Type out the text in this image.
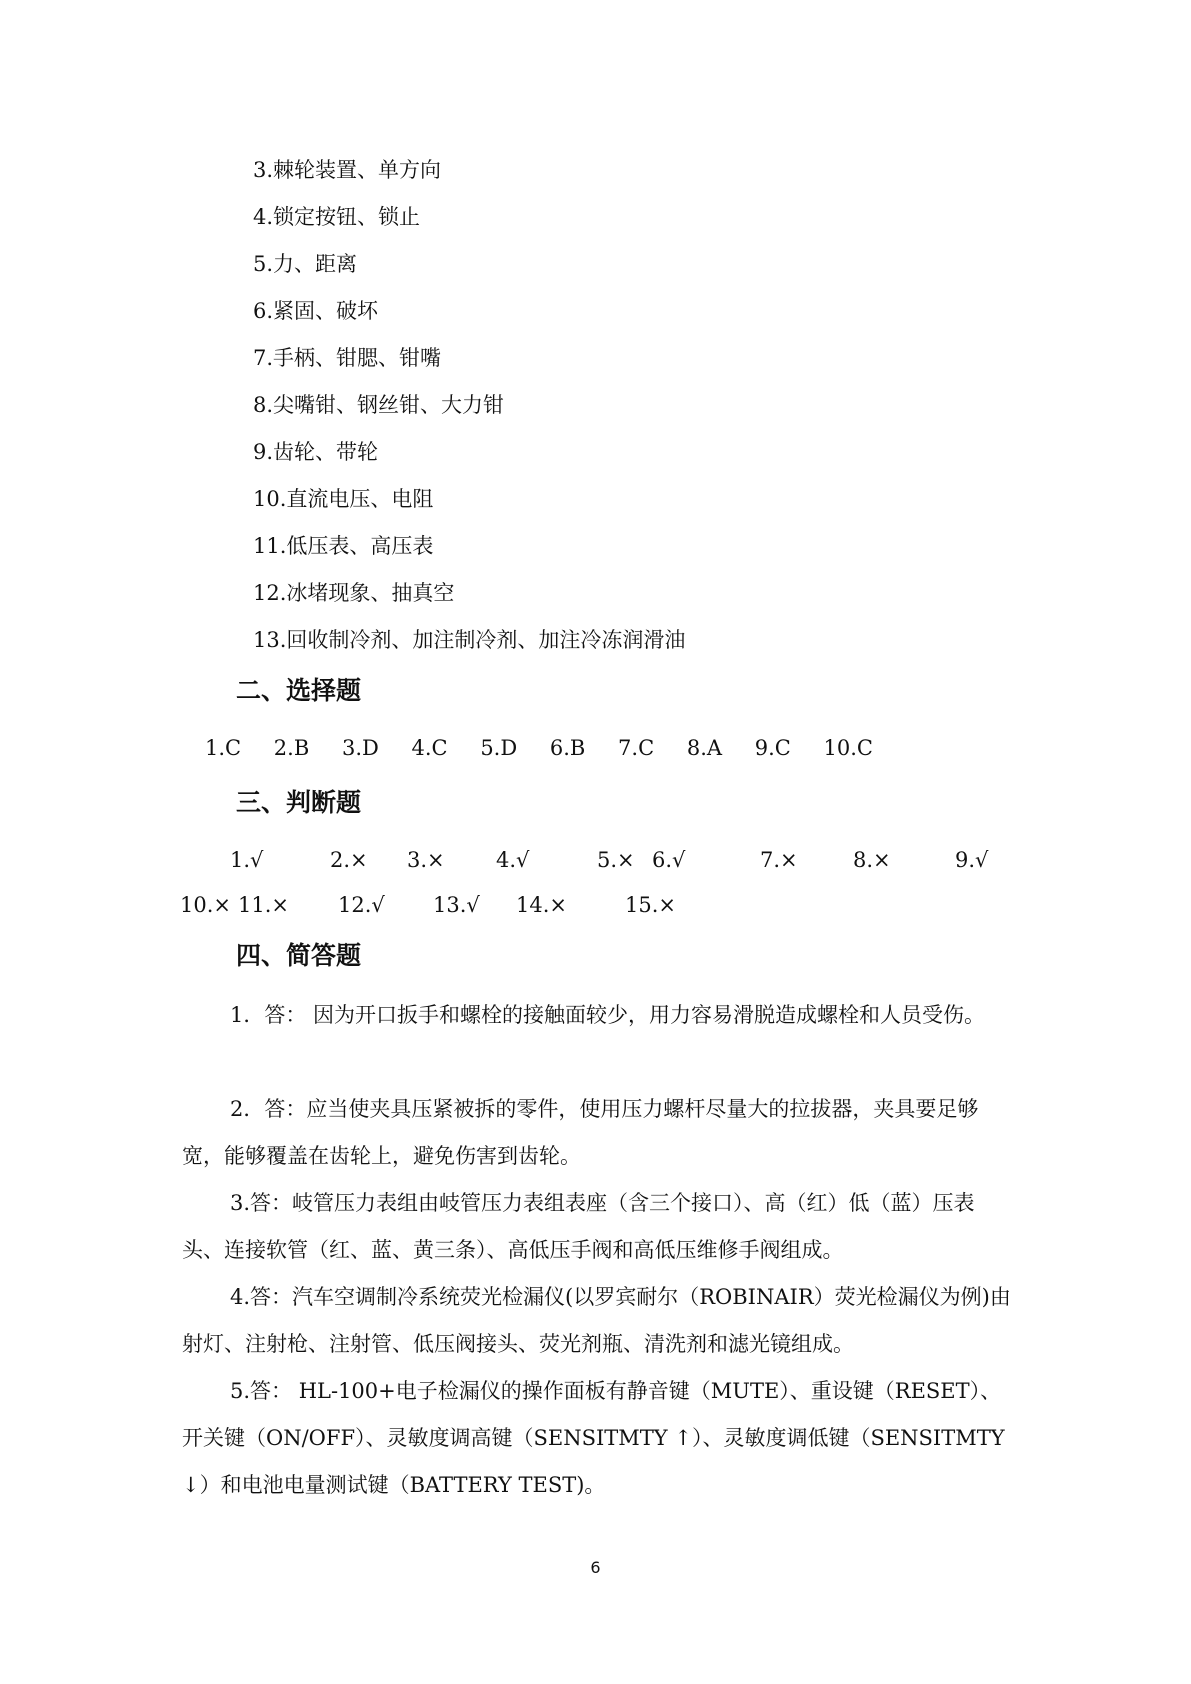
3.棘轮装置、单方向
4.锁定按钮、锁止
5.力、距离
6.紧固、破坏
7.手柄、钳腮、钳嘴
8.尖嘴钳、钢丝钳、大力钳
9.齿轮、带轮
10.直流电压、电阻
11.低压表、高压表
12.冰堵现象、抽真空
13.回收制冷剂、加注制冷剂、加注冷冻润滑油
二、选择题
1.C 2.B 3.D 4.C 5.D 6.B 7.C 8.A 9.C 10.C
三、判断题
1.√	2.× 3.× 4.√	5.× 6.√	7.×	8.×	9.√
10.× 11.× 12.√ 13.√ 14.×	15.×
四、简答题

1．答： 因为开口扳手和螺栓的接触面较少，用力容易滑脱造成螺栓和人员受伤。

2．答：应当使夹具压紧被拆的零件，使用压力螺杆尽量大的拉拔器，夹具要足够宽，能够覆盖在齿轮上，避免伤害到齿轮。

3.答：岐管压力表组由岐管压力表组表座（含三个接口）、高（红）低（蓝）压表头、连接软管（红、蓝、黄三条）、高低压手阀和高低压维修手阀组成。

4.答：汽车空调制冷系统荧光检漏仪(以罗宾耐尔（ROBINAIR）荧光检漏仪为例)由射灯、注射枪、注射管、低压阀接头、荧光剂瓶、清洗剂和滤光镜组成。

5.答： HL-100+电子检漏仪的操作面板有静音键（MUTE）、重设键（RESET）、开关键（ON/OFF）、灵敏度调高键（SENSITMTY ↑）、灵敏度调低键（SENSITMTY ↓）和电池电量测试键（BATTERY TEST)。

6
